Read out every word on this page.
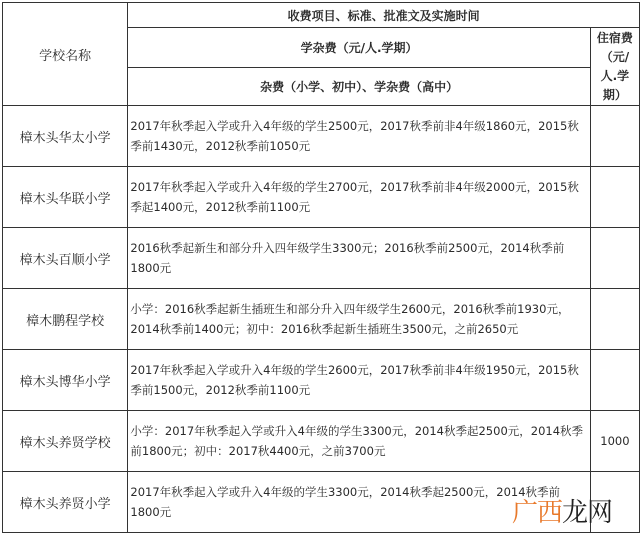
学校名称	收费项目、标准、批准文及实施时间	
	学杂费（元/人.学期）	住宿费
（元/
人.学
期）

	杂费（小学、初中）、学杂费（高中）	
樟木头华太小学	2017年秋季起入学或升入4年级的学生2500元，2017秋季前非4年级1860元，2015秋季前1430元，2012秋季前1050元	
樟木头华联小学	2017年秋季起入学或升入4年级的学生2700元，2017秋季前非4年级2000元，2015秋季起1400元，2012秋季前1100元	
樟木头百顺小学	2016秋季起新生和部分升入四年级学生3300元；2016秋季前2500元，2014秋季前1800元	
樟木鹏程学校	小学：2016秋季起新生插班生和部分升入四年级学生2600元，2016秋季前1930元，2014秋季前1400元；初中：2016秋季起新生插班生3500元，之前2650元	
樟木头博华小学	2017年秋季起入学或升入4年级的学生2600元，2017秋季前非4年级1950元，2015秋季前1500元，2012秋季前1100元	
樟木头养贤学校	小学：2017年秋季起入学或升入4年级的学生3300元，2014秋季起2500元，2014秋季前1800元；初中：2017秋4400元，之前3700元	1000
樟木头养贤小学	2017年秋季起入学或升入4年级的学生3300元，2014秋季起2500元，2014秋季前1800元		广西龙网
